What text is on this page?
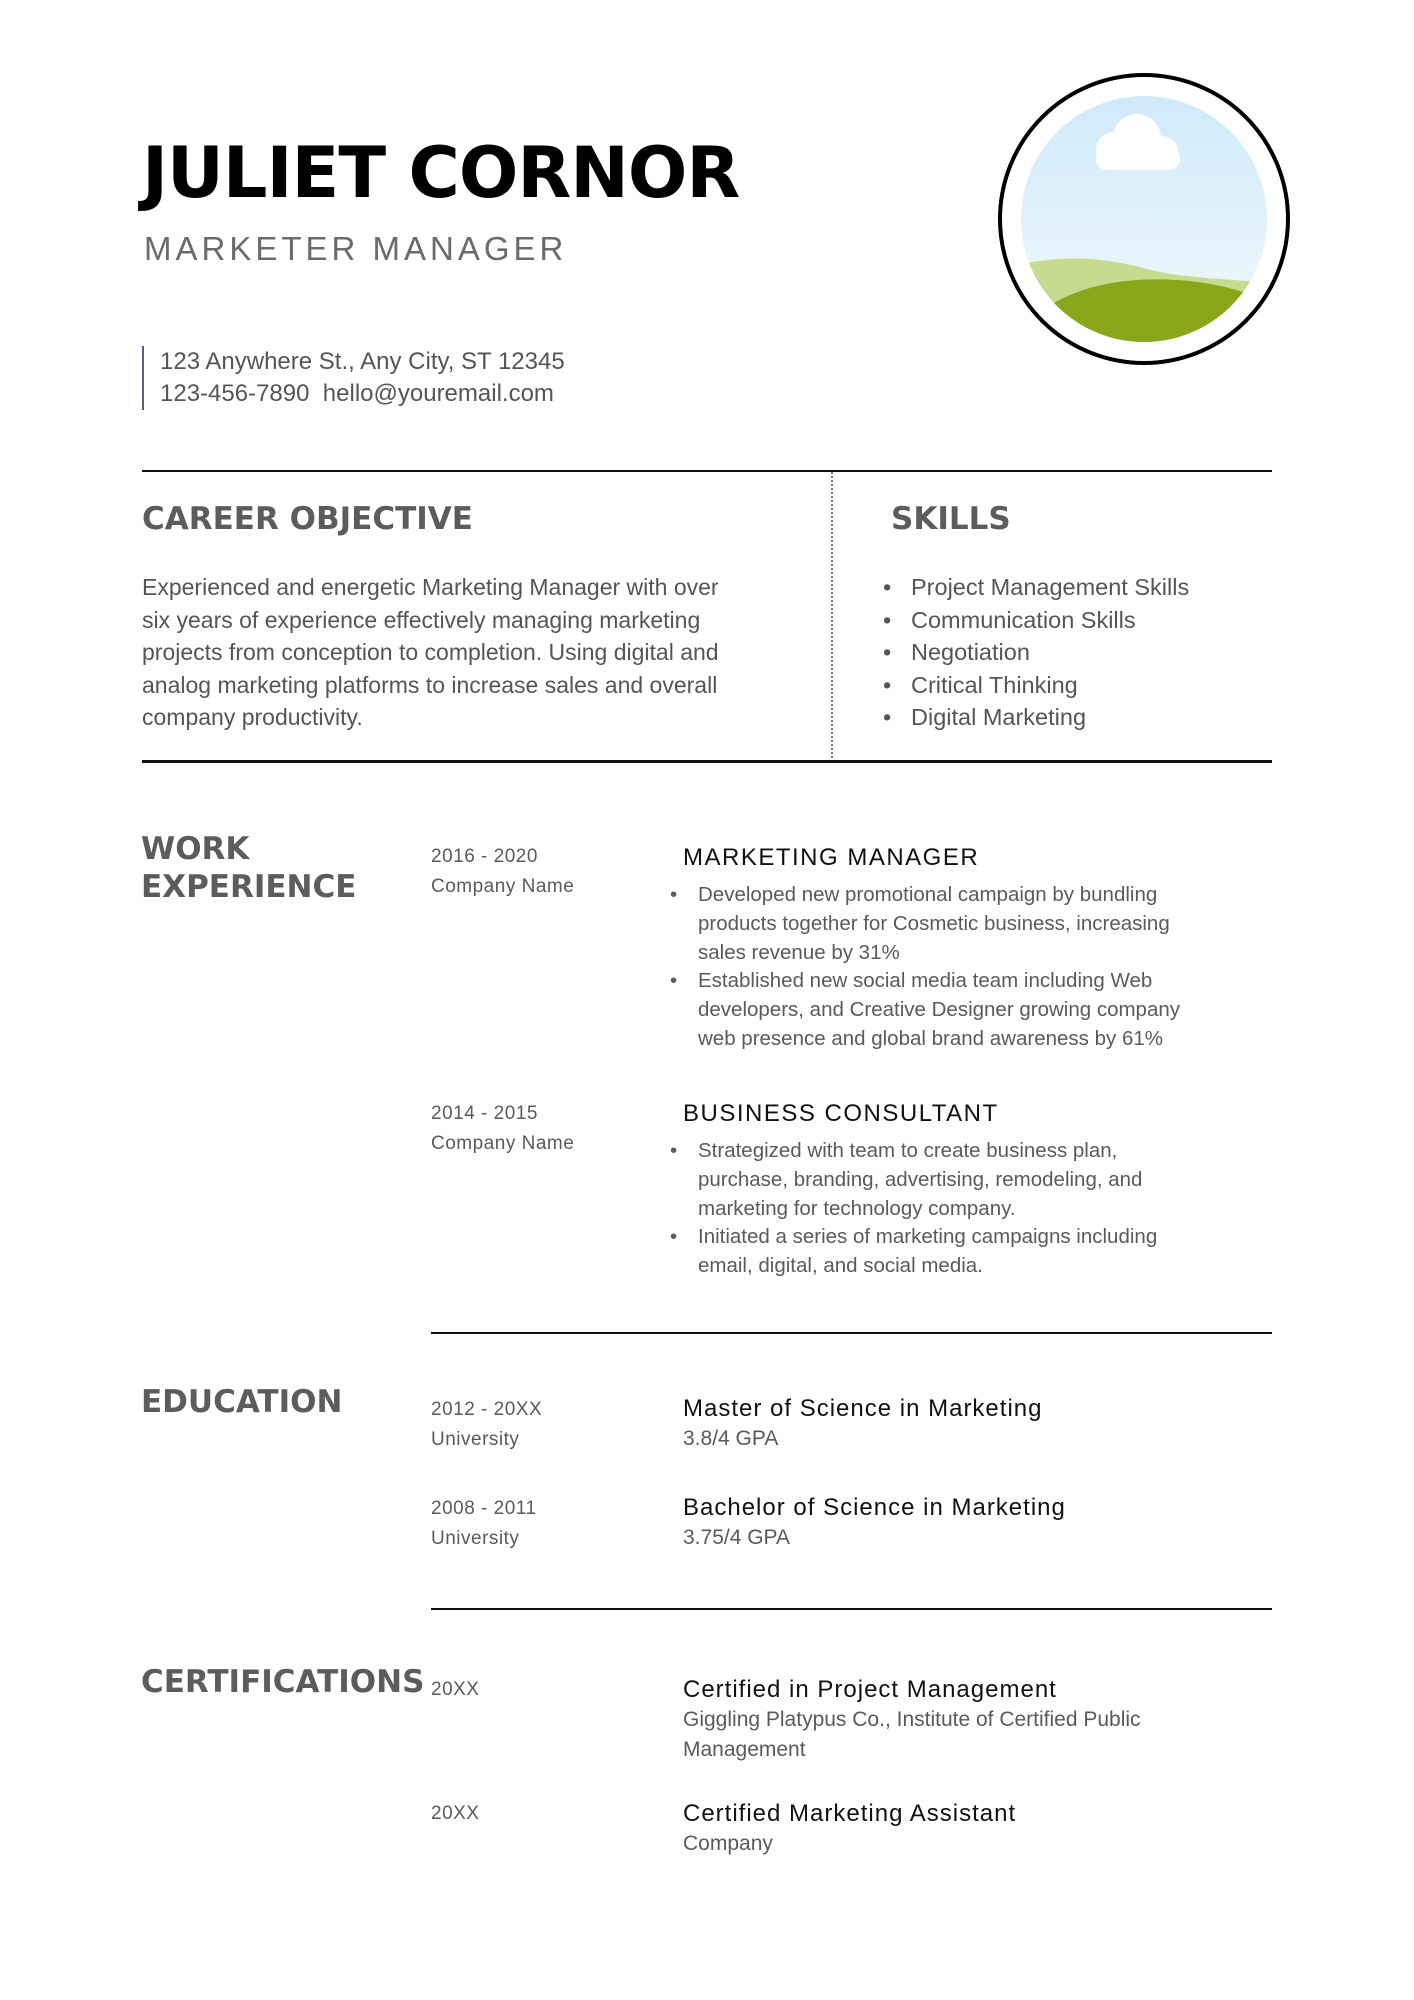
JULIET CORNOR
MARKETER MANAGER
123 Anywhere St., Any City, ST 12345
123-456-7890  hello@youremail.com
CAREER OBJECTIVE

Experienced and energetic Marketing Manager with over six years of experience effectively managing marketing projects from conception to completion. Using digital and analog marketing platforms to increase sales and overall company productivity.

SKILLS
• Project Management Skills
• Communication Skills
• Negotiation
• Critical Thinking
• Digital Marketing
WORK
EXPERIENCE
2016 - 2020
Company Name
MARKETING MANAGER
• Developed new promotional campaign by bundling products together for Cosmetic business, increasing sales revenue by 31%
• Established new social media team including Web developers, and Creative Designer growing company web presence and global brand awareness by 61%
2014 - 2015
Company Name
BUSINESS CONSULTANT
• Strategized with team to create business plan, purchase, branding, advertising, remodeling, and marketing for technology company.
• Initiated a series of marketing campaigns including email, digital, and social media.
EDUCATION	2012 - 20XX
University
Master of Science in Marketing
3.8/4 GPA
2008 - 2011
University
Bachelor of Science in Marketing
3.75/4 GPA
CERTIFICATIONS 20XX	Certified in Project Management
Giggling Platypus Co., Institute of Certified Public Management
20XX	Certified Marketing Assistant
Company
